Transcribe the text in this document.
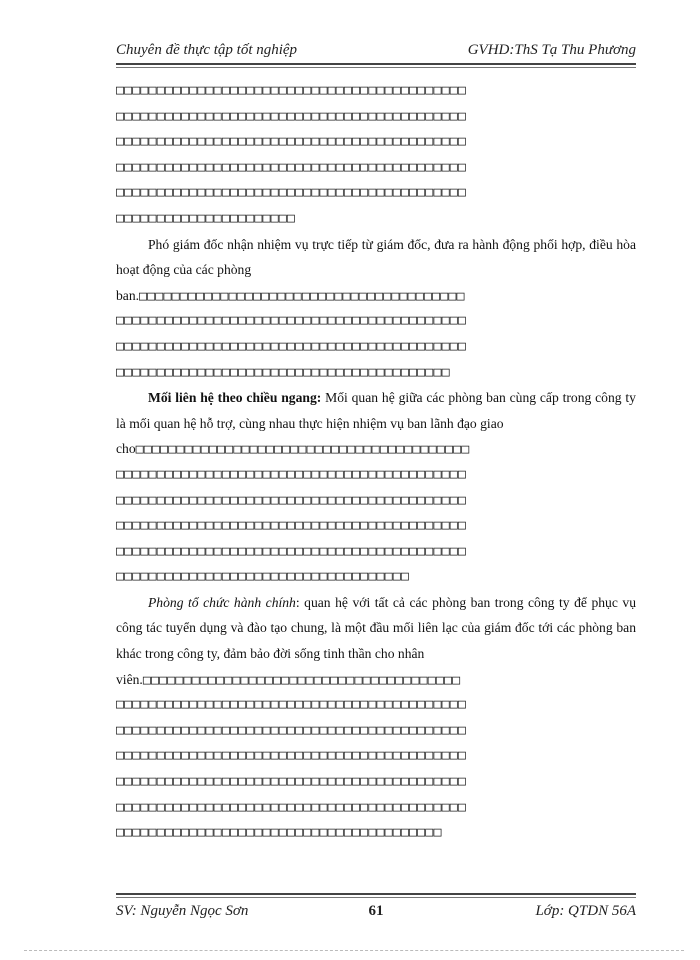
Chuyên đề thực tập tốt nghiệp	GVHD:ThS Tạ Thu Phương
□□□□□□□□□□□□□□□□□□□□□□□□□□□□□□□□□□□□□□□□□□□
□□□□□□□□□□□□□□□□□□□□□□□□□□□□□□□□□□□□□□□□□□□
□□□□□□□□□□□□□□□□□□□□□□□□□□□□□□□□□□□□□□□□□□□
□□□□□□□□□□□□□□□□□□□□□□□□□□□□□□□□□□□□□□□□□□□
□□□□□□□□□□□□□□□□□□□□□□□□□□□□□□□□□□□□□□□□□□□
□□□□□□□□□□□□□□□□□□□□□□

Phó giám đốc nhận nhiệm vụ trực tiếp từ giám đốc, đưa ra hành động phối hợp, điều hòa hoạt động của các phòng

ban.□□□□□□□□□□□□□□□□□□□□□□□□□□□□□□□□□□□□□□□□
□□□□□□□□□□□□□□□□□□□□□□□□□□□□□□□□□□□□□□□□□□□
□□□□□□□□□□□□□□□□□□□□□□□□□□□□□□□□□□□□□□□□□□□
□□□□□□□□□□□□□□□□□□□□□□□□□□□□□□□□□□□□□□□□□

Mối liên hệ theo chiều ngang: Mối quan hệ giữa các phòng ban cùng cấp trong công ty là mối quan hệ hỗ trợ, cùng nhau thực hiện nhiệm vụ ban lãnh đạo giao

cho□□□□□□□□□□□□□□□□□□□□□□□□□□□□□□□□□□□□□□□□□
□□□□□□□□□□□□□□□□□□□□□□□□□□□□□□□□□□□□□□□□□□□
□□□□□□□□□□□□□□□□□□□□□□□□□□□□□□□□□□□□□□□□□□□
□□□□□□□□□□□□□□□□□□□□□□□□□□□□□□□□□□□□□□□□□□□
□□□□□□□□□□□□□□□□□□□□□□□□□□□□□□□□□□□□□□□□□□□
□□□□□□□□□□□□□□□□□□□□□□□□□□□□□□□□□□□□

Phòng tổ chức hành chính: quan hệ với tất cả các phòng ban trong công ty để phục vụ công tác tuyển dụng và đào tạo chung, là một đầu mối liên lạc của giám đốc tới các phòng ban khác trong công ty, đảm bảo đời sống tinh thần cho nhân

viên.□□□□□□□□□□□□□□□□□□□□□□□□□□□□□□□□□□□□□□□
□□□□□□□□□□□□□□□□□□□□□□□□□□□□□□□□□□□□□□□□□□□
□□□□□□□□□□□□□□□□□□□□□□□□□□□□□□□□□□□□□□□□□□□
□□□□□□□□□□□□□□□□□□□□□□□□□□□□□□□□□□□□□□□□□□□
□□□□□□□□□□□□□□□□□□□□□□□□□□□□□□□□□□□□□□□□□□□
□□□□□□□□□□□□□□□□□□□□□□□□□□□□□□□□□□□□□□□□□□□
□□□□□□□□□□□□□□□□□□□□□□□□□□□□□□□□□□□□□□□□
SV: Nguyễn Ngọc Sơn	61	Lớp: QTDN 56A
